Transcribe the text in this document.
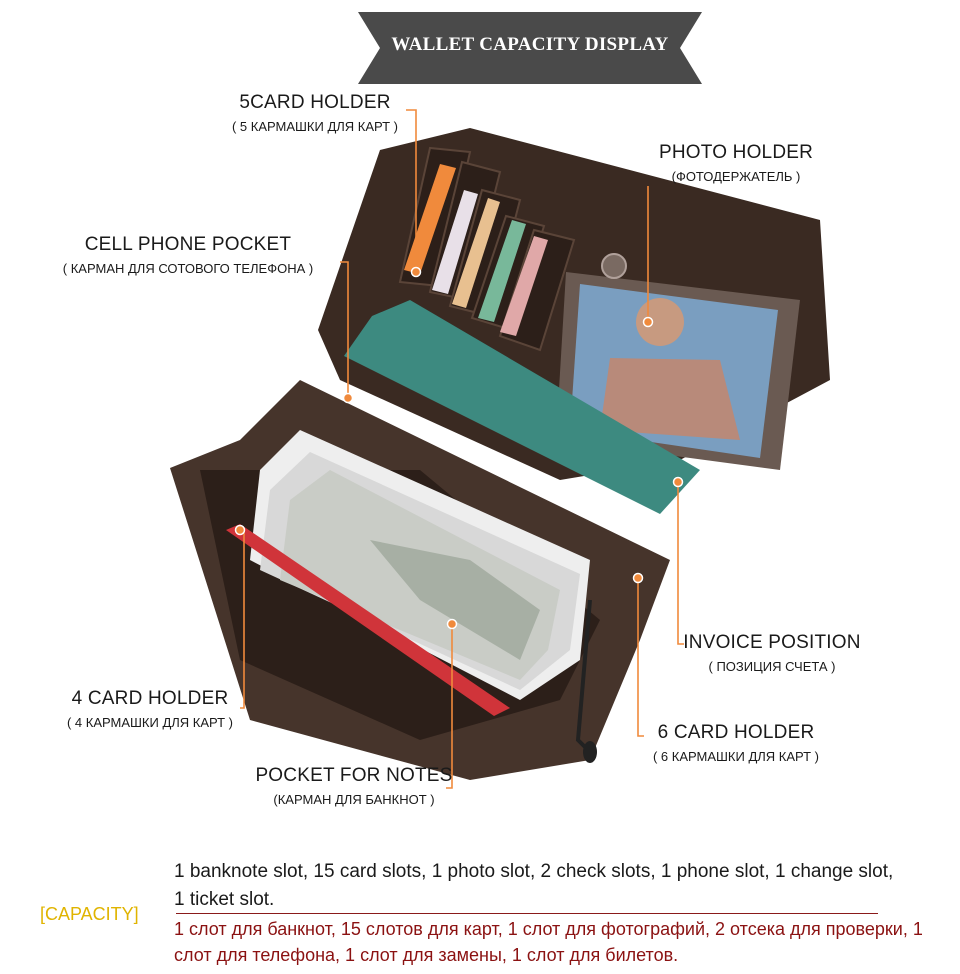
WALLET CAPACITY DISPLAY
5CARD HOLDER
( 5 КАРМАШКИ ДЛЯ КАРТ )
PHOTO HOLDER
(ФОТОДЕРЖАТЕЛЬ )
CELL PHONE POCKET
( КАРМАН ДЛЯ СОТОВОГО ТЕЛЕФОНА )
INVOICE POSITION
( ПОЗИЦИЯ СЧЕТА )
4 CARD HOLDER
( 4 КАРМАШКИ ДЛЯ КАРТ )	6 CARD HOLDER
( 6 КАРМАШКИ ДЛЯ КАРТ )
POCKET FOR NOTES
(КАРМАН ДЛЯ БАНКНОТ )
[CAPACITY]
1 banknote slot, 15 card slots, 1 photo slot, 2 check slots, 1 phone slot, 1 change slot, 1 ticket slot.
1 слот для банкнот, 15 слотов для карт, 1 слот для фотографий, 2 отсека для проверки, 1 слот для телефона, 1 слот для замены, 1 слот для билетов.
